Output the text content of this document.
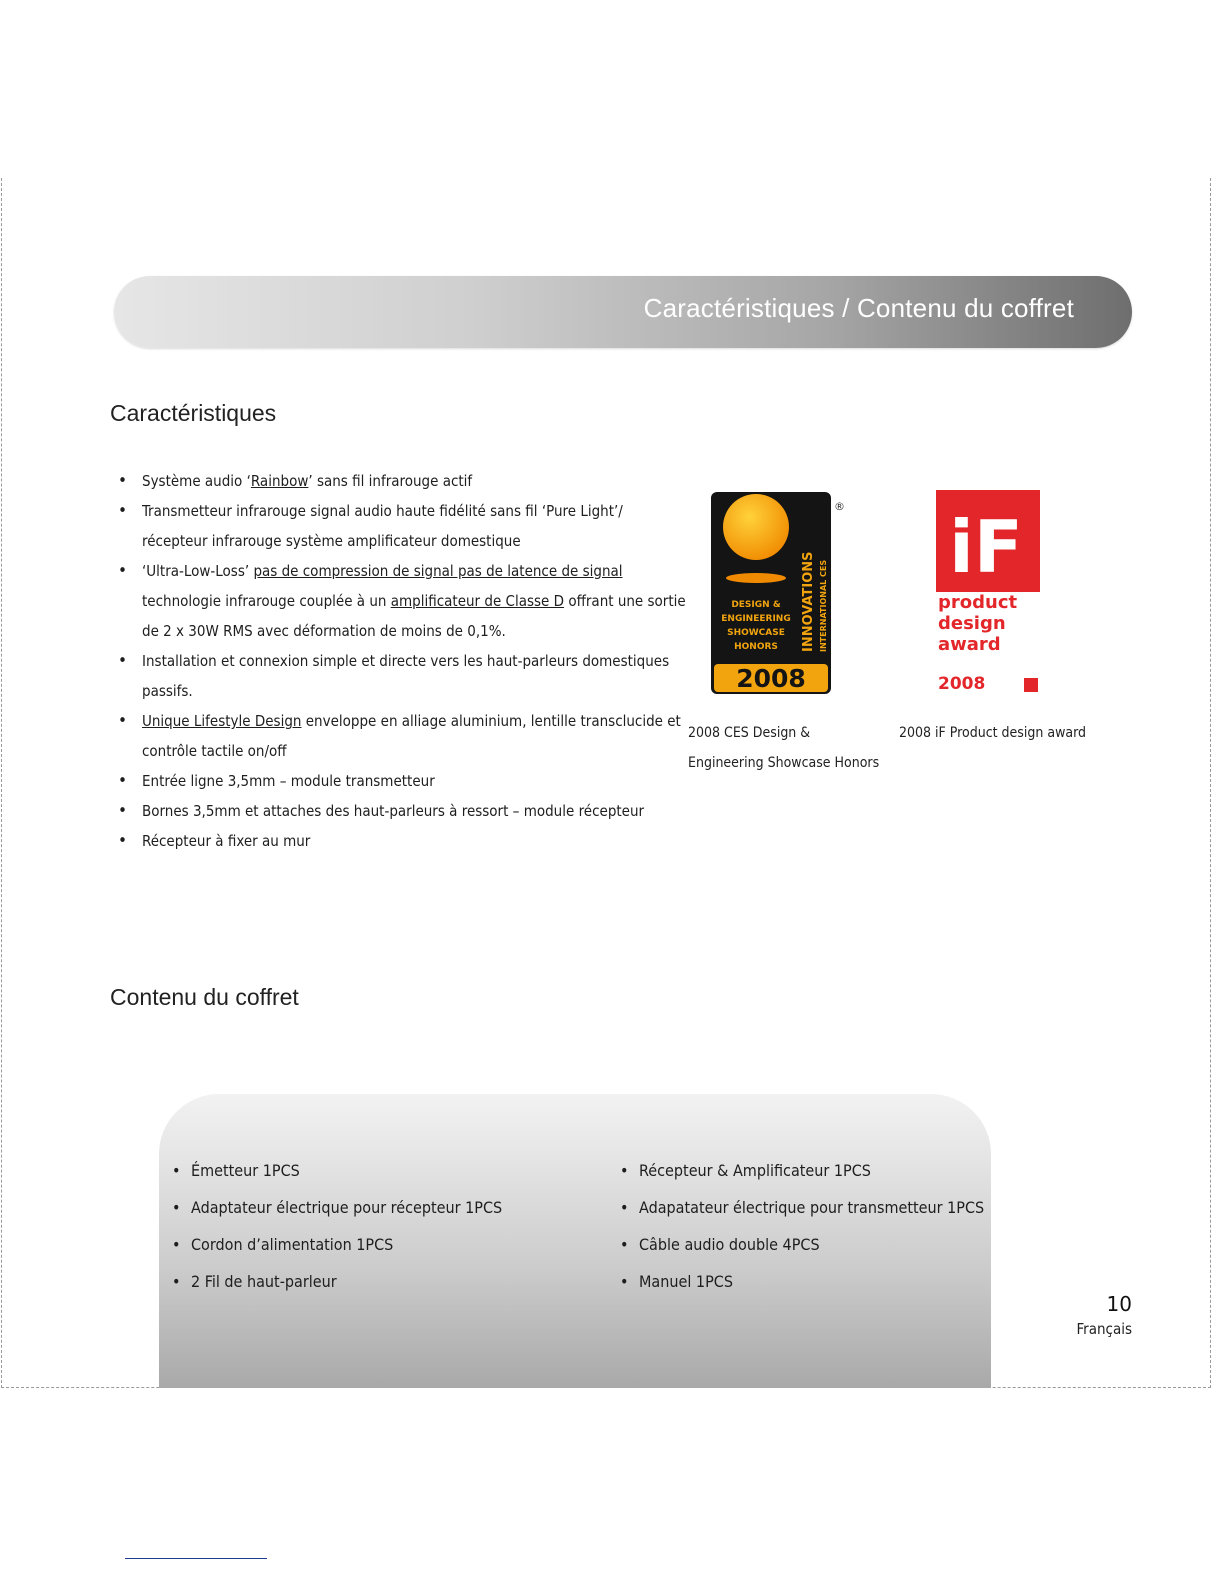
Caractéristiques / Contenu du coffret
Caractéristiques
• Système audio ‘Rainbow’ sans fil infrarouge actif
• Transmetteur infrarouge signal audio haute fidélité sans fil ‘Pure Light’/ récepteur infrarouge système amplificateur domestique
• ‘Ultra-Low-Loss’ pas de compression de signal pas de latence de signal technologie infrarouge couplée à un amplificateur de Classe D offrant une sortie de 2 x 30W RMS avec déformation de moins de 0,1%.
• Installation et connexion simple et directe vers les haut-parleurs domestiques passifs.
• Unique Lifestyle Design enveloppe en alliage aluminium, lentille transclucide et contrôle tactile on/off
• Entrée ligne 3,5mm – module transmetteur
• Bornes 3,5mm et attaches des haut-parleurs à ressort – module récepteur
• Récepteur à fixer au mur
DESIGN &
ENGINEERING
SHOWCASE
HONORS INNOVATIONS INTERNATIONAL CES
2008
®
2008 CES Design &
Engineering Showcase Honors
iF
product
design
award
2008
2008 iF Product design award
Contenu du coffret
• Émetteur 1PCS
• Adaptateur électrique pour récepteur 1PCS
• Cordon d’alimentation 1PCS
• 2 Fil de haut-parleur
• Récepteur & Amplificateur 1PCS
• Adapatateur électrique pour transmetteur 1PCS
• Câble audio double 4PCS
• Manuel 1PCS
10
Français
